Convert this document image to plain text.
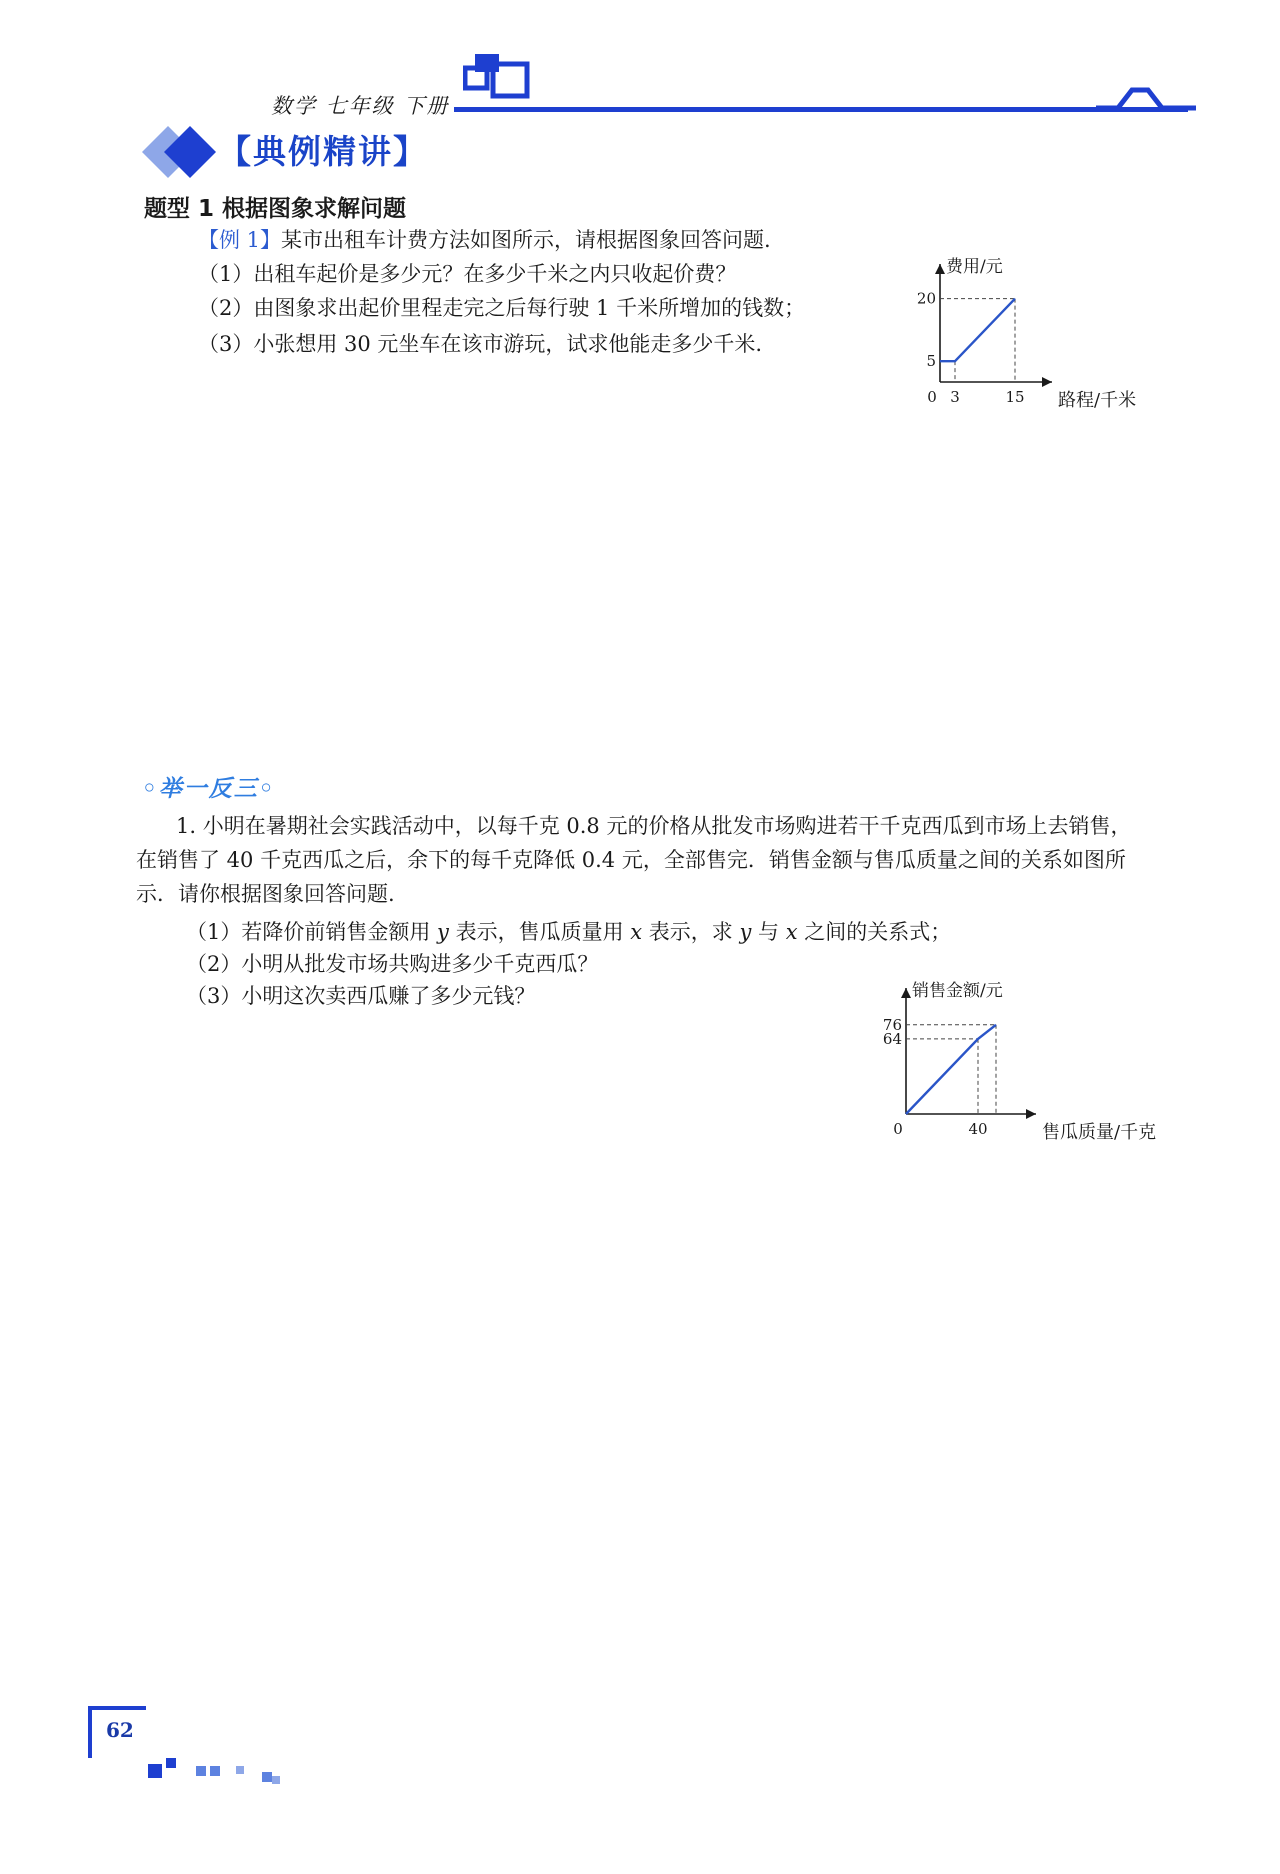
数学 七年级 下册
【典例精讲】
题型 1 根据图象求解问题
【例 1】某市出租车计费方法如图所示，请根据图象回答问题.
（1）出租车起价是多少元？在多少千米之内只收起价费？
（2）由图象求出起价里程走完之后每行驶 1 千米所增加的钱数；
（3）小张想用 30 元坐车在该市游玩，试求他能走多少千米.
0 3	15
5
20
费用/元
路程/千米
◦举一反三◦
1. 小明在暑期社会实践活动中，以每千克 0.8 元的价格从批发市场购进若干千克西瓜到市场上去销售，
在销售了 40 千克西瓜之后，余下的每千克降低 0.4 元，全部售完．销售金额与售瓜质量之间的关系如图所
示．请你根据图象回答问题.
（1）若降价前销售金额用 y 表示，售瓜质量用 x 表示，求 y 与 x 之间的关系式；
（2）小明从批发市场共购进多少千克西瓜？
（3）小明这次卖西瓜赚了多少元钱？
0	40
64
76
销售金额/元
售瓜质量/千克
62
